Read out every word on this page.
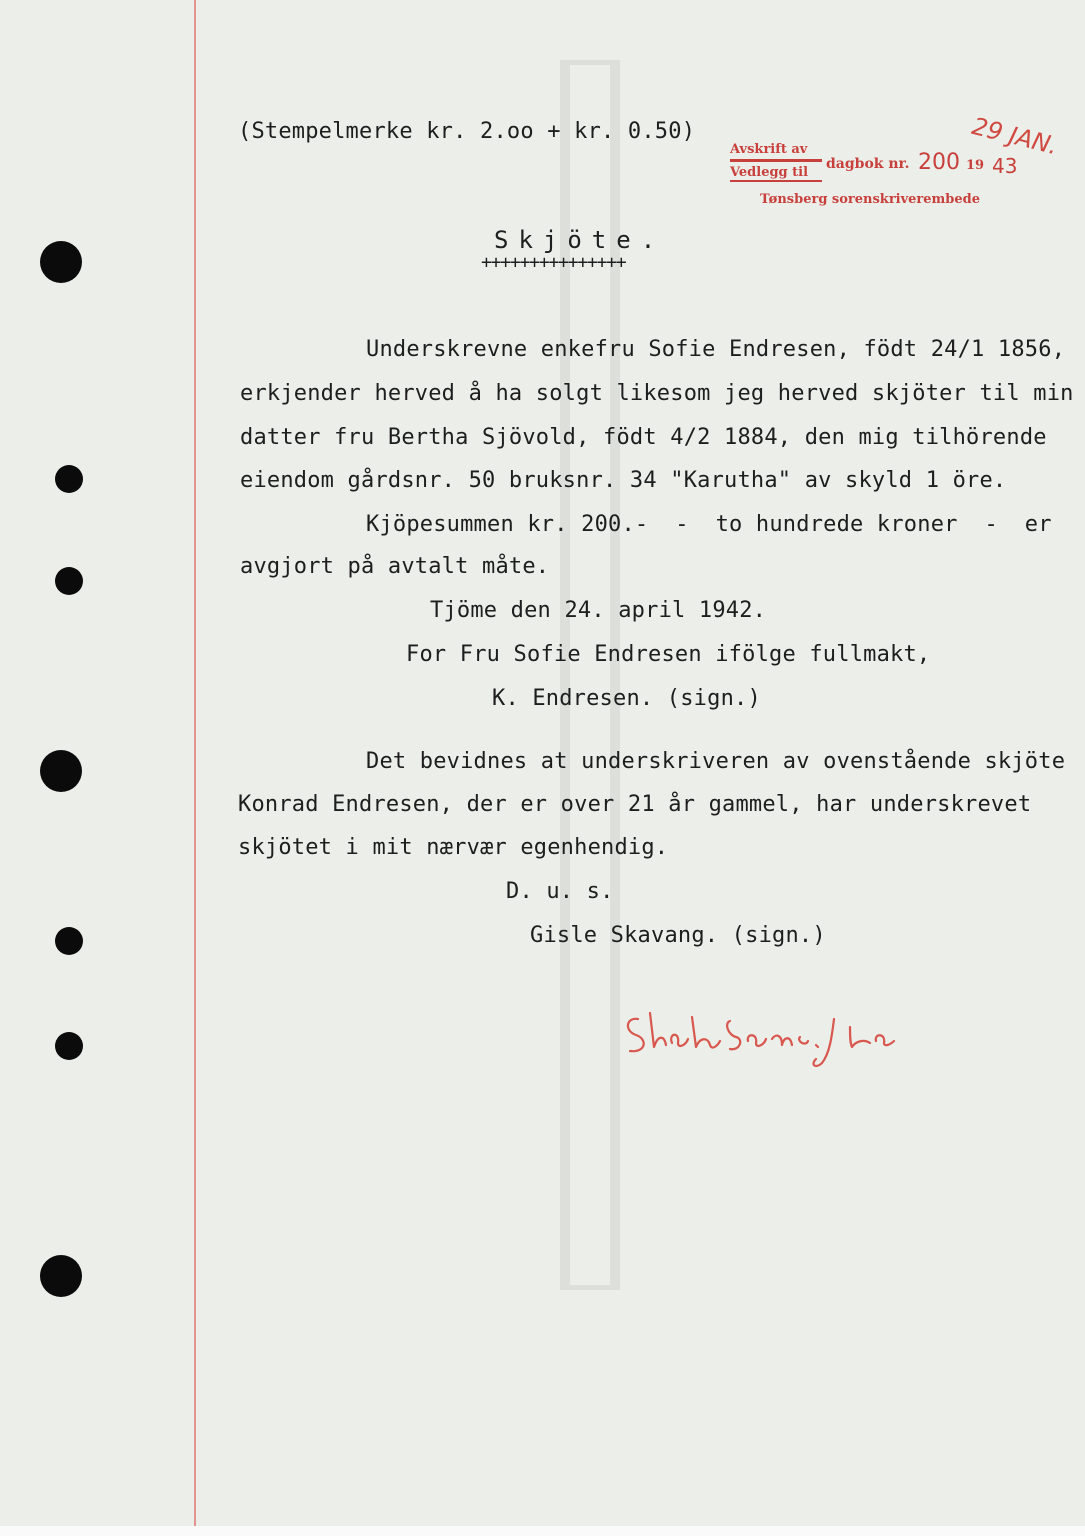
(Stempelmerke kr. 2.oo + kr. 0.50)
Avskrift av
Vedlegg til
dagbok nr. 200 19 43
Tønsberg sorenskriverembede
29 JAN.
Skjöte.
+++++++++++++++
Underskrevne enkefru Sofie Endresen, födt 24/1 1856,
erkjender herved å ha solgt likesom jeg herved skjöter til min
datter fru Bertha Sjövold, födt 4/2 1884, den mig tilhörende
eiendom gårdsnr. 50 bruksnr. 34 "Karutha" av skyld 1 öre.
Kjöpesummen kr. 200.-  -  to hundrede kroner  -  er
avgjort på avtalt måte.
Tjöme den 24. april 1942.
For Fru Sofie Endresen ifölge fullmakt,
K. Endresen. (sign.)
Det bevidnes at underskriveren av ovenstående skjöte
Konrad Endresen, der er over 21 år gammel, har underskrevet
skjötet i mit nærvær egenhendig.
D. u. s.
Gisle Skavang. (sign.)
